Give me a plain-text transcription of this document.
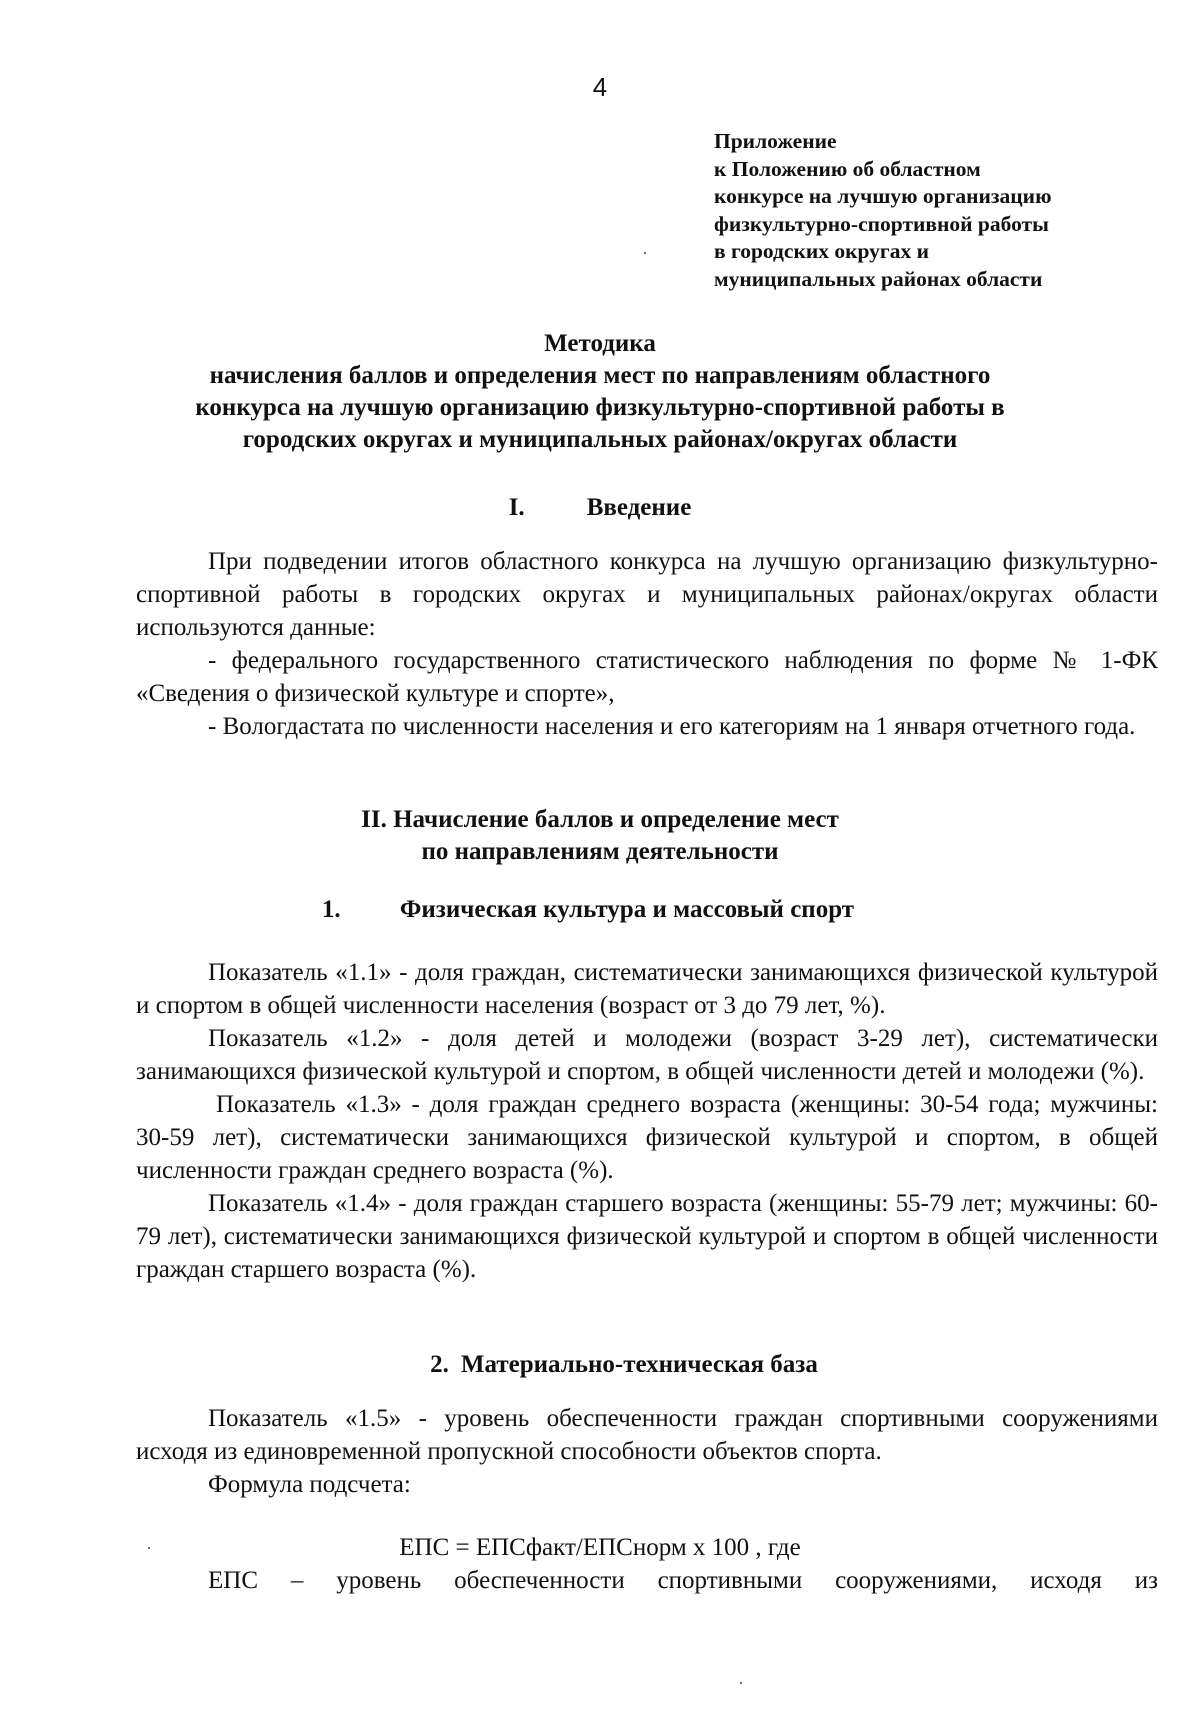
4
Приложение
к Положению об областном
конкурсе на лучшую организацию
физкультурно-спортивной работы
в городских округах и
муниципальных районах области
Методика
начисления баллов и определения мест по направлениям областного
конкурса на лучшую организацию физкультурно-спортивной работы в
городских округах и муниципальных районах/округах области
I. Введение

При подведении итогов областного конкурса на лучшую организацию физкультурно-спортивной работы в городских округах и муниципальных районах/округах области используются данные:

- федерального государственного статистического наблюдения по форме № 1-ФК «Сведения о физической культуре и спорте»,

- Вологдастата по численности населения и его категориям на 1 января отчетного года.

II. Начисление баллов и определение мест
по направлениям деятельности
1. Физическая культура и массовый спорт

Показатель «1.1» - доля граждан, систематически занимающихся физической культурой и спортом в общей численности населения (возраст от 3 до 79 лет, %).

Показатель «1.2» - доля детей и молодежи (возраст 3-29 лет), систематически занимающихся физической культурой и спортом, в общей численности детей и молодежи (%).

Показатель «1.3» - доля граждан среднего возраста (женщины: 30-54 года; мужчины: 30-59 лет), систематически занимающихся физической культурой и спортом, в общей численности граждан среднего возраста (%).

Показатель «1.4» - доля граждан старшего возраста (женщины: 55-79 лет; мужчины: 60-79 лет), систематически занимающихся физической культурой и спортом в общей численности граждан старшего возраста (%).

2. Материально-техническая база

Показатель «1.5» - уровень обеспеченности граждан спортивными сооружениями исходя из единовременной пропускной способности объектов спорта.

Формула подсчета:

ЕПС = ЕПСфакт/ЕПСнорм х 100 , где

ЕПС – уровень обеспеченности спортивными сооружениями, исходя из
